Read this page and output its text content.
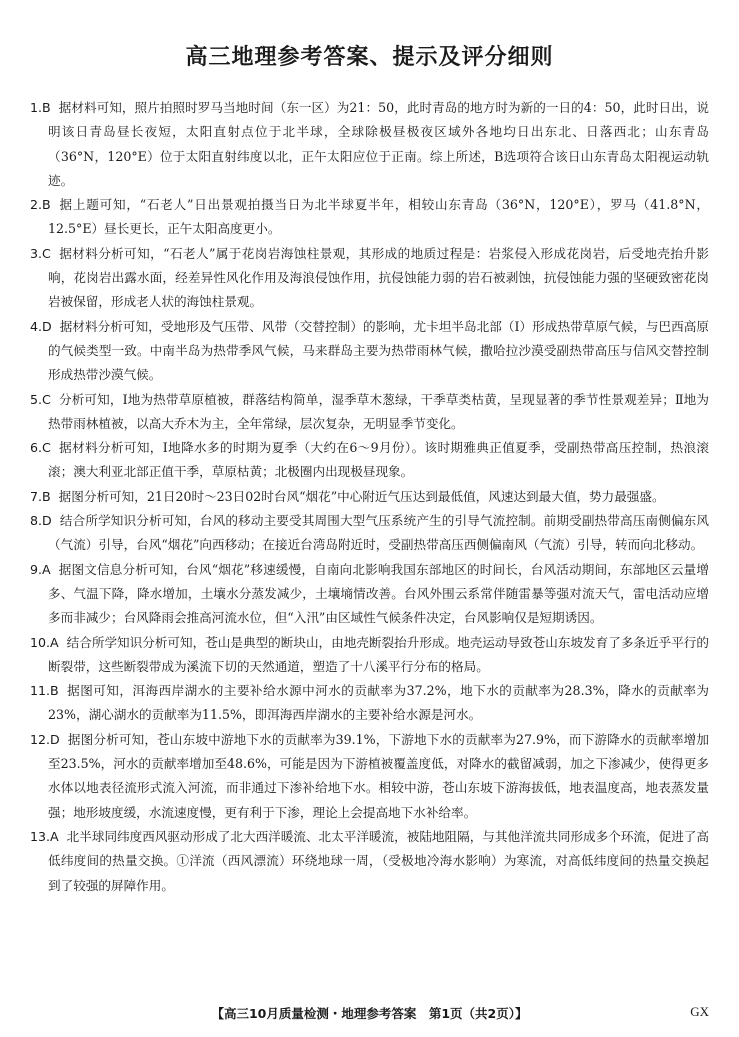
高三地理参考答案、提示及评分细则

1.B 据材料可知，照片拍照时罗马当地时间（东一区）为21：50，此时青岛的地方时为新的一日的4：50，此时日出，说明该日青岛昼长夜短，太阳直射点位于北半球，全球除极昼极夜区域外各地均日出东北、日落西北；山东青岛（36°N，120°E）位于太阳直射纬度以北，正午太阳应位于正南。综上所述，B选项符合该日山东青岛太阳视运动轨迹。

2.B 据上题可知，“石老人”日出景观拍摄当日为北半球夏半年，相较山东青岛（36°N，120°E），罗马（41.8°N，12.5°E）昼长更长，正午太阳高度更小。

3.C 据材料分析可知，“石老人”属于花岗岩海蚀柱景观，其形成的地质过程是：岩浆侵入形成花岗岩，后受地壳抬升影响，花岗岩出露水面，经差异性风化作用及海浪侵蚀作用，抗侵蚀能力弱的岩石被剥蚀，抗侵蚀能力强的坚硬致密花岗岩被保留，形成老人状的海蚀柱景观。

4.D 据材料分析可知，受地形及气压带、风带（交替控制）的影响，尤卡坦半岛北部（Ⅰ）形成热带草原气候，与巴西高原的气候类型一致。中南半岛为热带季风气候，马来群岛主要为热带雨林气候，撒哈拉沙漠受副热带高压与信风交替控制形成热带沙漠气候。

5.C 分析可知，Ⅰ地为热带草原植被，群落结构简单，湿季草木葱绿，干季草类枯黄，呈现显著的季节性景观差异；Ⅱ地为热带雨林植被，以高大乔木为主，全年常绿，层次复杂，无明显季节变化。

6.C 据材料分析可知，Ⅰ地降水多的时期为夏季（大约在6～9月份）。该时期雅典正值夏季，受副热带高压控制，热浪滚滚；澳大利亚北部正值干季，草原枯黄；北极圈内出现极昼现象。

7.B 据图分析可知，21日20时～23日02时台风“烟花”中心附近气压达到最低值，风速达到最大值，势力最强盛。

8.D 结合所学知识分析可知，台风的移动主要受其周围大型气压系统产生的引导气流控制。前期受副热带高压南侧偏东风（气流）引导，台风“烟花”向西移动；在接近台湾岛附近时，受副热带高压西侧偏南风（气流）引导，转而向北移动。

9.A 据图文信息分析可知，台风“烟花”移速缓慢，自南向北影响我国东部地区的时间长，台风活动期间，东部地区云量增多、气温下降，降水增加，土壤水分蒸发减少，土壤墒情改善。台风外围云系常伴随雷暴等强对流天气，雷电活动应增多而非减少；台风降雨会推高河流水位，但“入汛”由区域性气候条件决定，台风影响仅是短期诱因。

10.A 结合所学知识分析可知，苍山是典型的断块山，由地壳断裂抬升形成。地壳运动导致苍山东坡发育了多条近乎平行的断裂带，这些断裂带成为溪流下切的天然通道，塑造了十八溪平行分布的格局。

11.B 据图可知，洱海西岸湖水的主要补给水源中河水的贡献率为37.2%，地下水的贡献率为28.3%，降水的贡献率为23%，湖心湖水的贡献率为11.5%，即洱海西岸湖水的主要补给水源是河水。

12.D 据图分析可知，苍山东坡中游地下水的贡献率为39.1%，下游地下水的贡献率为27.9%，而下游降水的贡献率增加至23.5%，河水的贡献率增加至48.6%，可能是因为下游植被覆盖度低，对降水的截留减弱，加之下渗减少，使得更多水体以地表径流形式流入河流，而非通过下渗补给地下水。相较中游，苍山东坡下游海拔低，地表温度高，地表蒸发量强；地形坡度缓，水流速度慢，更有利于下渗，理论上会提高地下水补给率。

13.A 北半球同纬度西风驱动形成了北大西洋暖流、北太平洋暖流，被陆地阻隔，与其他洋流共同形成多个环流，促进了高低纬度间的热量交换。①洋流（西风漂流）环绕地球一周，（受极地冷海水影响）为寒流，对高低纬度间的热量交换起到了较强的屏障作用。

【高三10月质量检测・地理参考答案　第1页（共2页）】	GX
